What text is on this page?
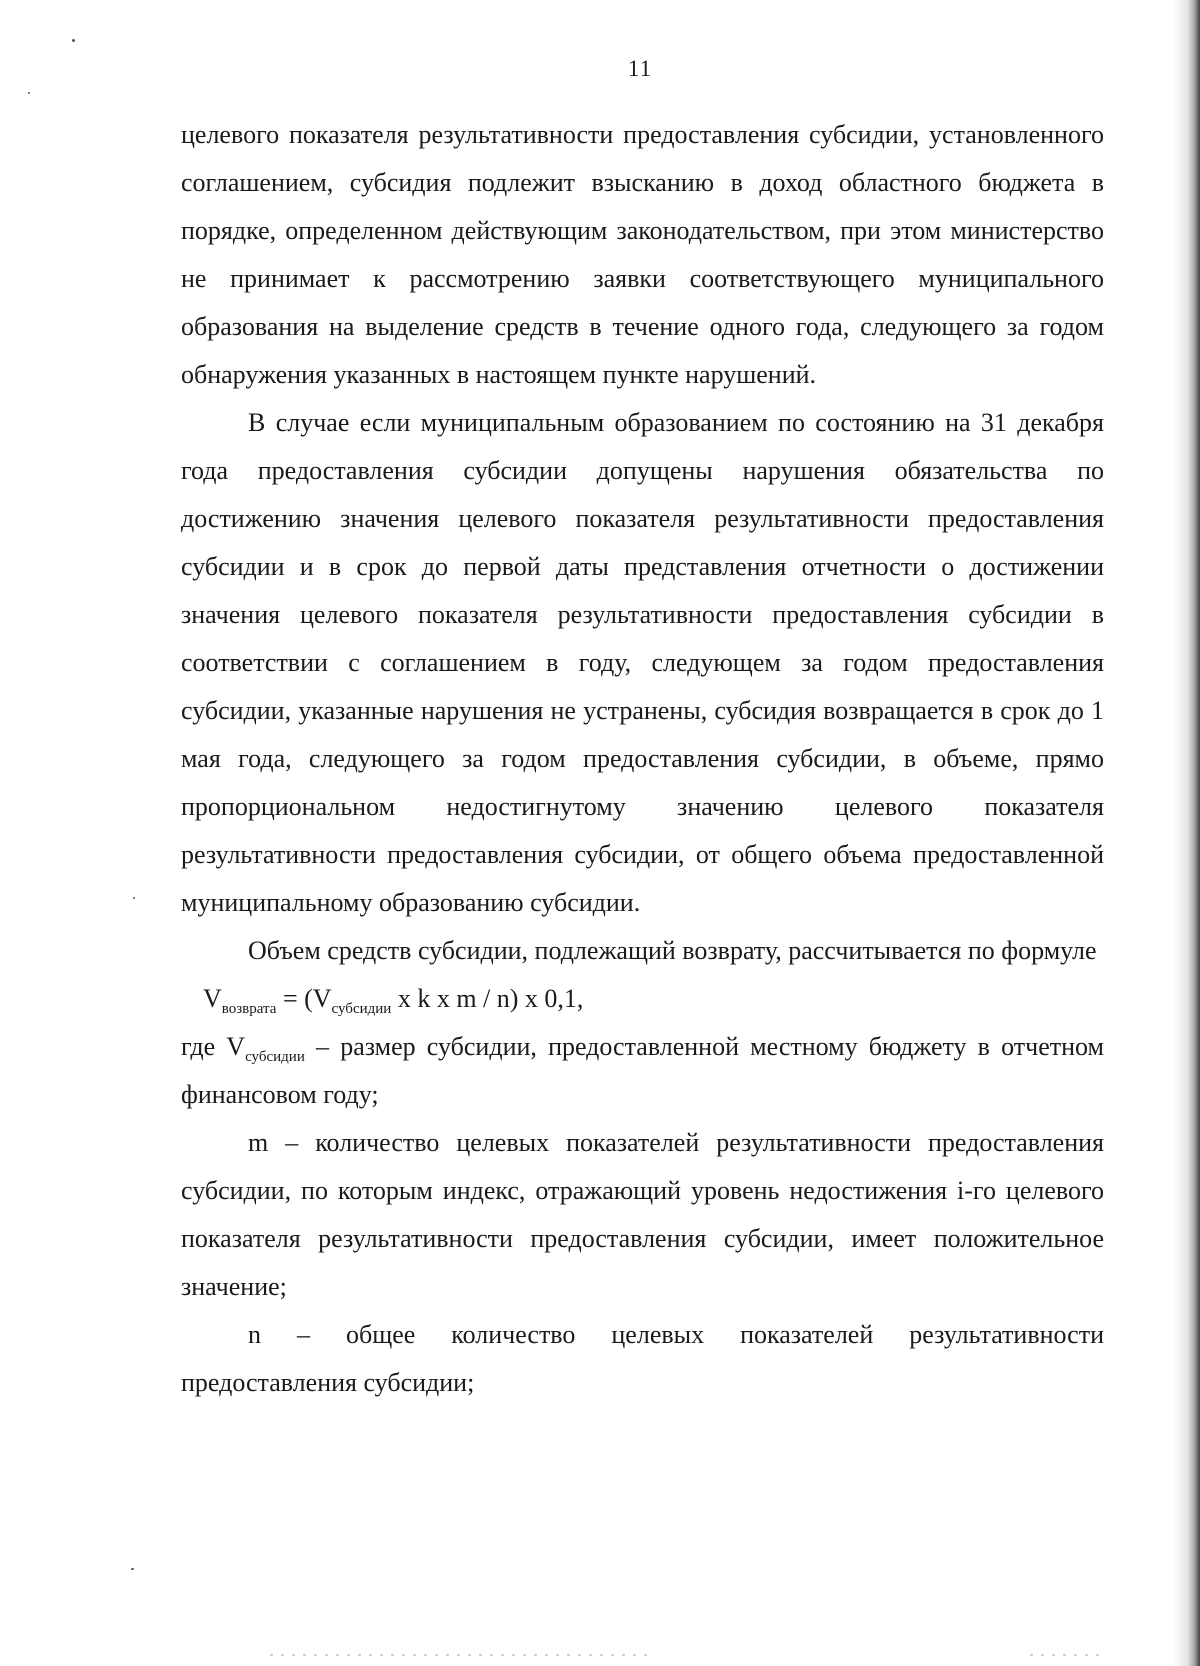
11

целевого показателя результативности предоставления субсидии, установленного соглашением, субсидия подлежит взысканию в доход областного бюджета в порядке, определенном действующим законодательством, при этом министерство не принимает к рассмотрению заявки соответствующего муниципального образования на выделение средств в течение одного года, следующего за годом обнаружения указанных в настоящем пункте нарушений.

В случае если муниципальным образованием по состоянию на 31 декабря года предоставления субсидии допущены нарушения обязательства по достижению значения целевого показателя результативности предоставления субсидии и в срок до первой даты представления отчетности о достижении значения целевого показателя результативности предоставления субсидии в соответствии с соглашением в году, следующем за годом предоставления субсидии, указанные нарушения не устранены, субсидия возвращается в срок до 1 мая года, следующего за годом предоставления субсидии, в объеме, прямо пропорциональном недостигнутому значению целевого показателя результативности предоставления субсидии, от общего объема предоставленной муниципальному образованию субсидии.

Объем средств субсидии, подлежащий возврату, рассчитывается по формуле

$V_{возврата} = (V_{субсидии}$ x k x m / n) x 0,1,

где $V_{субсидии}$ – размер субсидии, предоставленной местному бюджету в отчетном финансовом году;

m – количество целевых показателей результативности предоставления субсидии, по которым индекс, отражающий уровень недостижения i-го целевого показателя результативности предоставления субсидии, имеет положительное значение;

n – общее количество целевых показателей результативности предоставления субсидии;
